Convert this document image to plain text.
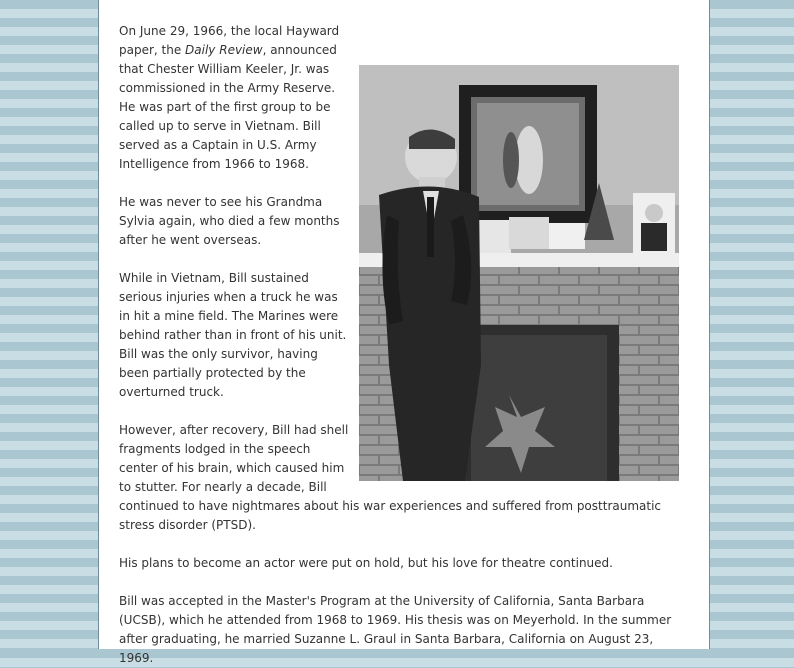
On June 29, 1966, the local Hayward paper, the Daily Review, announced that Chester William Keeler, Jr. was commissioned in the Army Reserve. He was part of the first group to be called up to serve in Vietnam. Bill served as a Captain in U.S. Army Intelligence from 1966 to 1968.

He was never to see his Grandma Sylvia again, who died a few months after he went overseas.

While in Vietnam, Bill sustained serious injuries when a truck he was in hit a mine field. The Marines were behind rather than in front of his unit. Bill was the only survivor, having been partially protected by the overturned truck.

However, after recovery, Bill had shell fragments lodged in the speech center of his brain, which caused him to stutter. For nearly a decade, Bill continued to have nightmares about his war experiences and suffered from posttraumatic stress disorder (PTSD).

His plans to become an actor were put on hold, but his love for theatre continued.

Bill was accepted in the Master's Program at the University of California, Santa Barbara (UCSB), which he attended from 1968 to 1969. His thesis was on Meyerhold. In the summer after graduating, he married Suzanne L. Graul in Santa Barbara, California on August 23, 1969.
